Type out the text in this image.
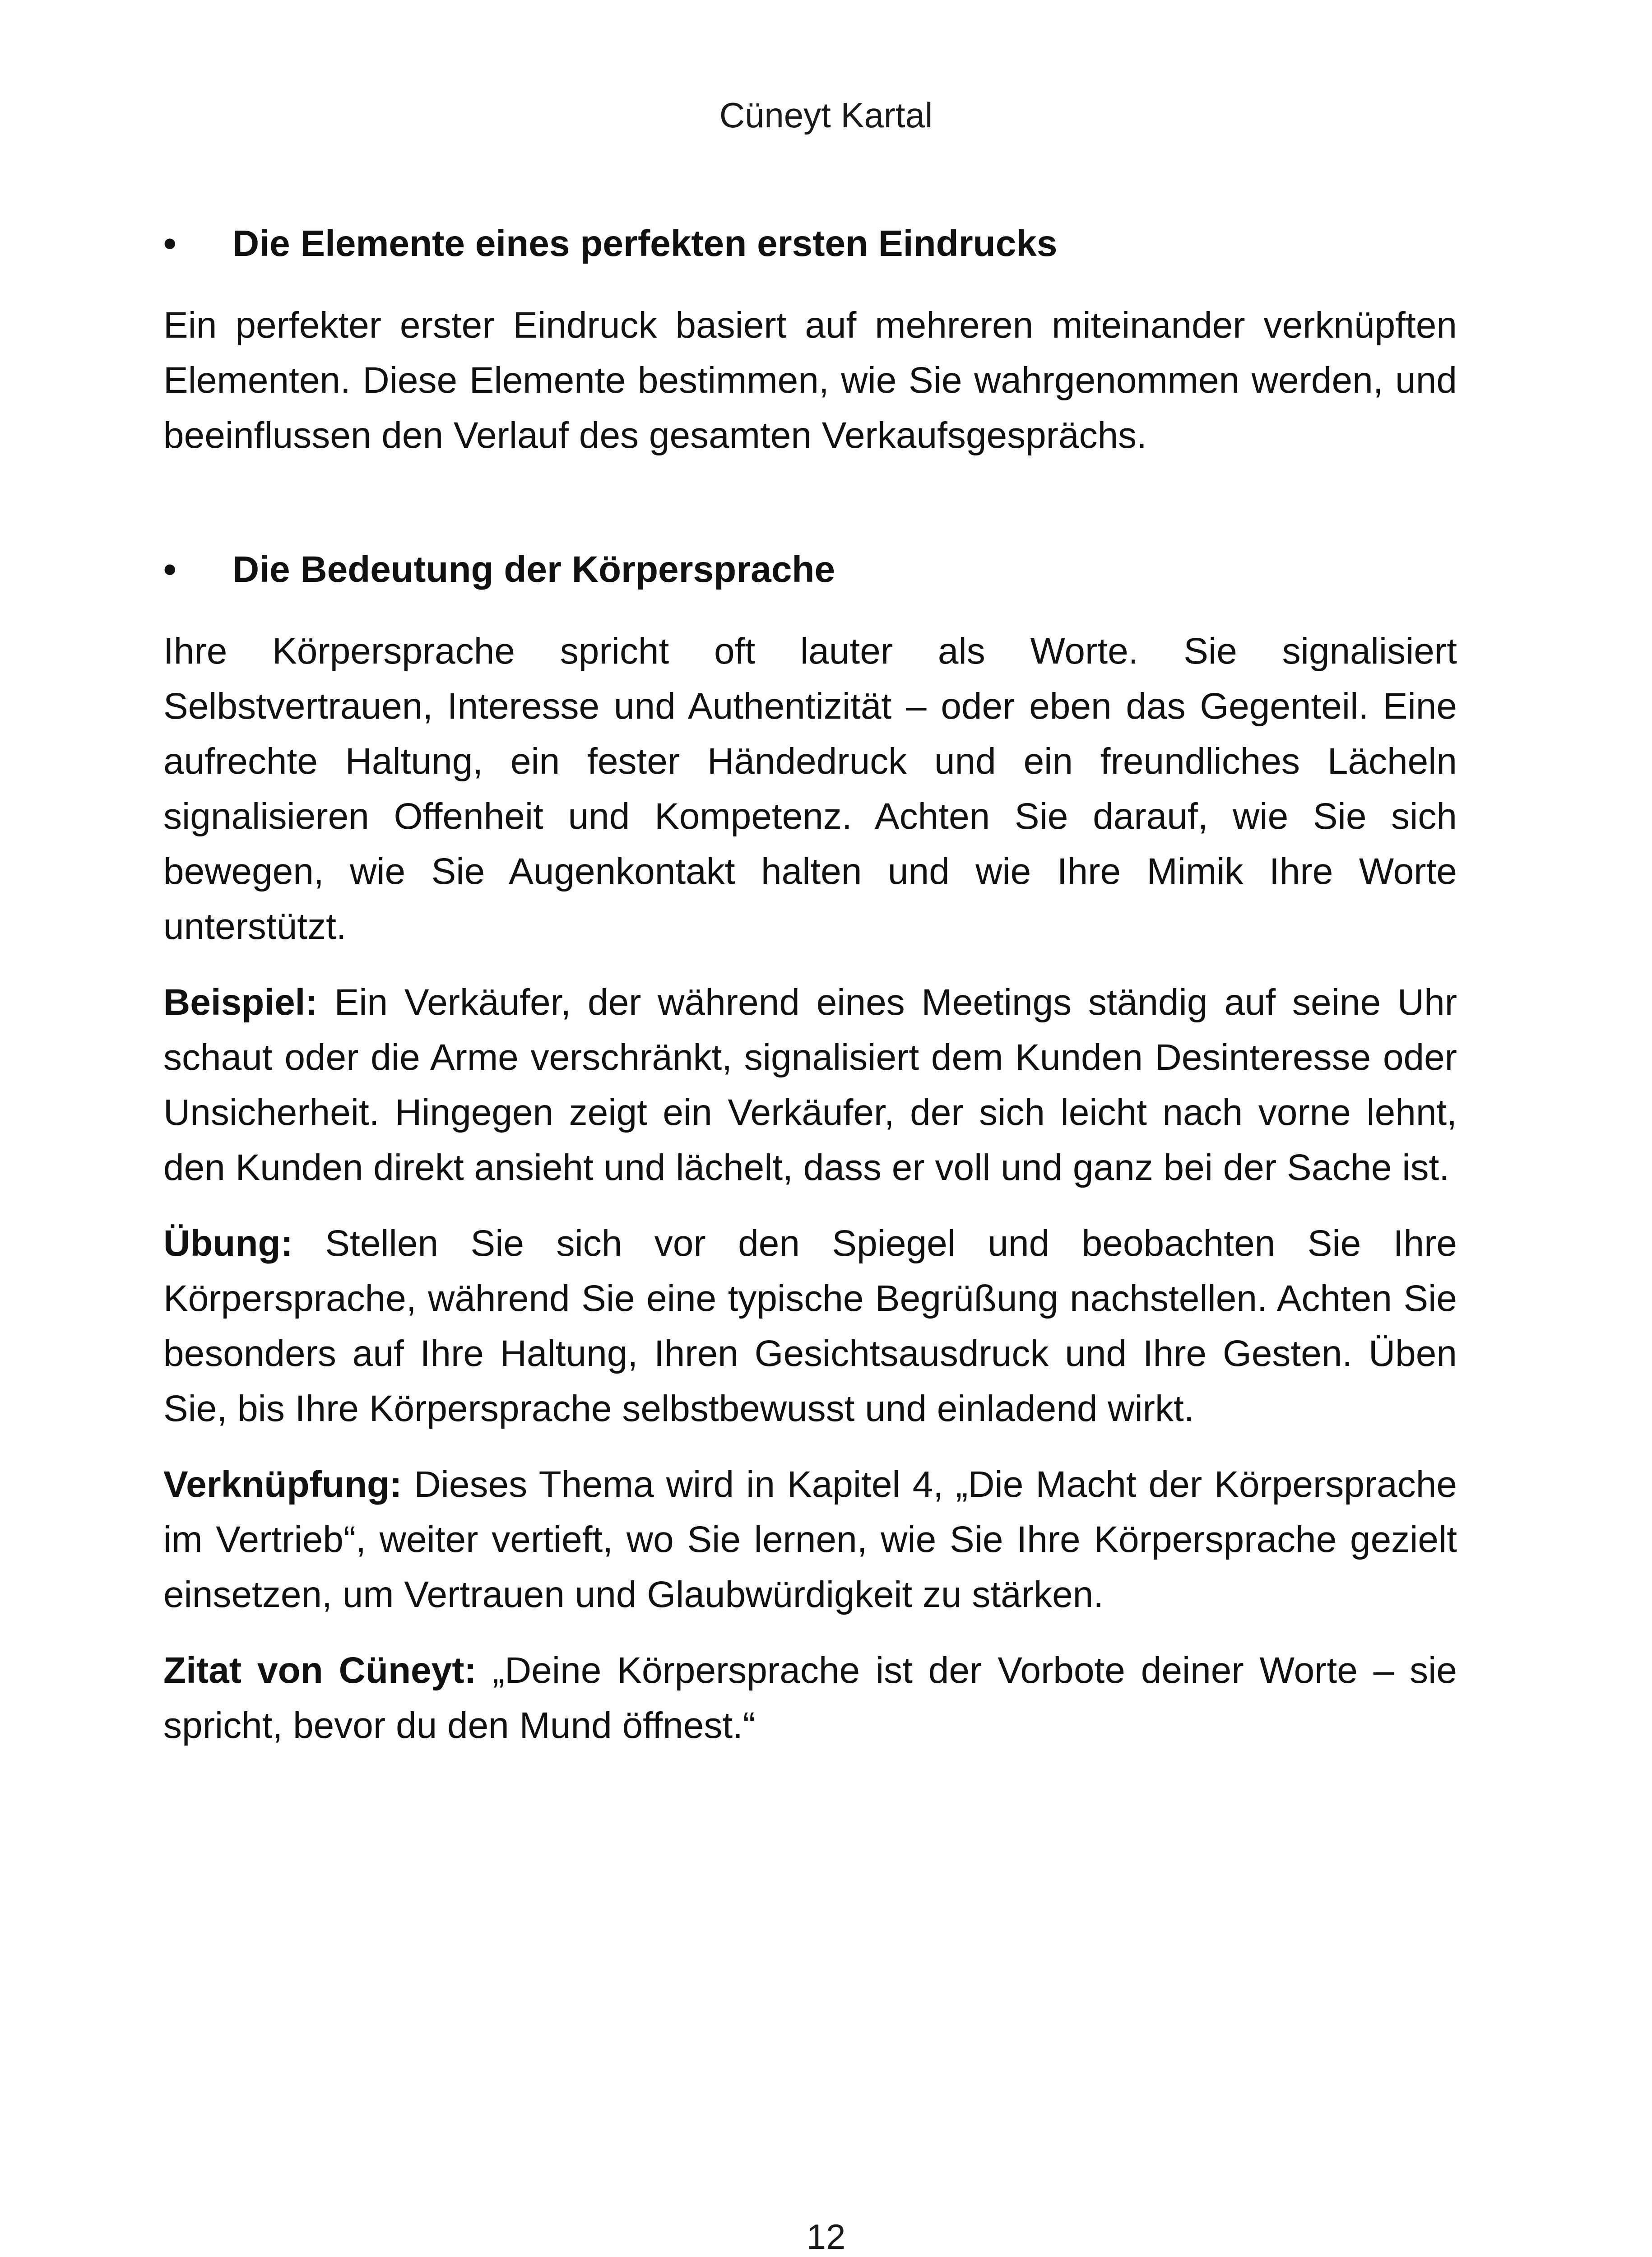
Cüneyt Kartal
• Die Elemente eines perfekten ersten Eindrucks

Ein perfekter erster Eindruck basiert auf mehreren miteinander verknüpften Elementen. Diese Elemente bestimmen, wie Sie wahrgenommen werden, und beeinflussen den Verlauf des gesamten Verkaufsgesprächs.

• Die Bedeutung der Körpersprache

Ihre Körpersprache spricht oft lauter als Worte. Sie signalisiert Selbstvertrauen, Interesse und Authentizität – oder eben das Gegenteil. Eine aufrechte Haltung, ein fester Händedruck und ein freundliches Lächeln signalisieren Offenheit und Kompetenz. Achten Sie darauf, wie Sie sich bewegen, wie Sie Augenkontakt halten und wie Ihre Mimik Ihre Worte unterstützt.

Beispiel: Ein Verkäufer, der während eines Meetings ständig auf seine Uhr schaut oder die Arme verschränkt, signalisiert dem Kunden Desinteresse oder Unsicherheit. Hingegen zeigt ein Verkäufer, der sich leicht nach vorne lehnt, den Kunden direkt ansieht und lächelt, dass er voll und ganz bei der Sache ist.

Übung: Stellen Sie sich vor den Spiegel und beobachten Sie Ihre Körpersprache, während Sie eine typische Begrüßung nachstellen. Achten Sie besonders auf Ihre Haltung, Ihren Gesichtsausdruck und Ihre Gesten. Üben Sie, bis Ihre Körpersprache selbstbewusst und einladend wirkt.

Verknüpfung: Dieses Thema wird in Kapitel 4, „Die Macht der Körpersprache im Vertrieb“, weiter vertieft, wo Sie lernen, wie Sie Ihre Körpersprache gezielt einsetzen, um Vertrauen und Glaubwürdigkeit zu stärken.

Zitat von Cüneyt: „Deine Körpersprache ist der Vorbote deiner Worte – sie spricht, bevor du den Mund öffnest.“

12
